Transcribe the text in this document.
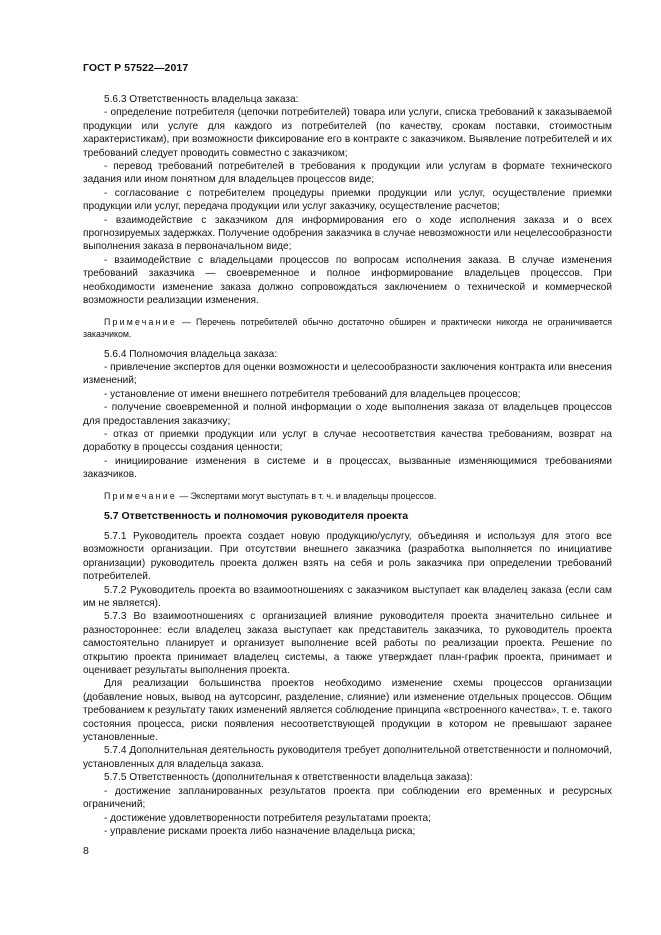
ГОСТ Р 57522—2017

5.6.3 Ответственность владельца заказа:

- определение потребителя (цепочки потребителей) товара или услуги, списка требований к заказываемой продукции или услуге для каждого из потребителей (по качеству, срокам поставки, стоимостным характеристикам), при возможности фиксирование его в контракте с заказчиком. Выявление потребителей и их требований следует проводить совместно с заказчиком;

- перевод требований потребителей в требования к продукции или услугам в формате технического задания или ином понятном для владельцев процессов виде;

- согласование с потребителем процедуры приемки продукции или услуг, осуществление приемки продукции или услуг, передача продукции или услуг заказчику, осуществление расчетов;

- взаимодействие с заказчиком для информирования его о ходе исполнения заказа и о всех прогнозируемых задержках. Получение одобрения заказчика в случае невозможности или нецелесообразности выполнения заказа в первоначальном виде;

- взаимодействие с владельцами процессов по вопросам исполнения заказа. В случае изменения требований заказчика — своевременное и полное информирование владельцев процессов. При необходимости изменение заказа должно сопровождаться заключением о технической и коммерческой возможности реализации изменения.

Примечание — Перечень потребителей обычно достаточно обширен и практически никогда не ограничивается заказчиком.

5.6.4 Полномочия владельца заказа:

- привлечение экспертов для оценки возможности и целесообразности заключения контракта или внесения изменений;

- установление от имени внешнего потребителя требований для владельцев процессов;

- получение своевременной и полной информации о ходе выполнения заказа от владельцев процессов для предоставления заказчику;

- отказ от приемки продукции или услуг в случае несоответствия качества требованиям, возврат на доработку в процессы создания ценности;

- инициирование изменения в системе и в процессах, вызванные изменяющимися требованиями заказчиков.

Примечание — Экспертами могут выступать в т. ч. и владельцы процессов.

5.7 Ответственность и полномочия руководителя проекта

5.7.1 Руководитель проекта создает новую продукцию/услугу, объединяя и используя для этого все возможности организации. При отсутствии внешнего заказчика (разработка выполняется по инициативе организации) руководитель проекта должен взять на себя и роль заказчика при определении требований потребителей.

5.7.2 Руководитель проекта во взаимоотношениях с заказчиком выступает как владелец заказа (если сам им не является).

5.7.3 Во взаимоотношениях с организацией влияние руководителя проекта значительно сильнее и разностороннее: если владелец заказа выступает как представитель заказчика, то руководитель проекта самостоятельно планирует и организует выполнение всей работы по реализации проекта. Решение по открытию проекта принимает владелец системы, а также утверждает план-график проекта, принимает и оценивает результаты выполнения проекта.

Для реализации большинства проектов необходимо изменение схемы процессов организации (добавление новых, вывод на аутсорсинг, разделение, слияние) или изменение отдельных процессов. Общим требованием к результату таких изменений является соблюдение принципа «встроенного качества», т. е. такого состояния процесса, риски появления несоответствующей продукции в котором не превышают заранее установленные.

5.7.4 Дополнительная деятельность руководителя требует дополнительной ответственности и полномочий, установленных для владельца заказа.

5.7.5 Ответственность (дополнительная к ответственности владельца заказа):

- достижение запланированных результатов проекта при соблюдении его временных и ресурсных ограничений;

- достижение удовлетворенности потребителя результатами проекта;

- управление рисками проекта либо назначение владельца риска;

8
